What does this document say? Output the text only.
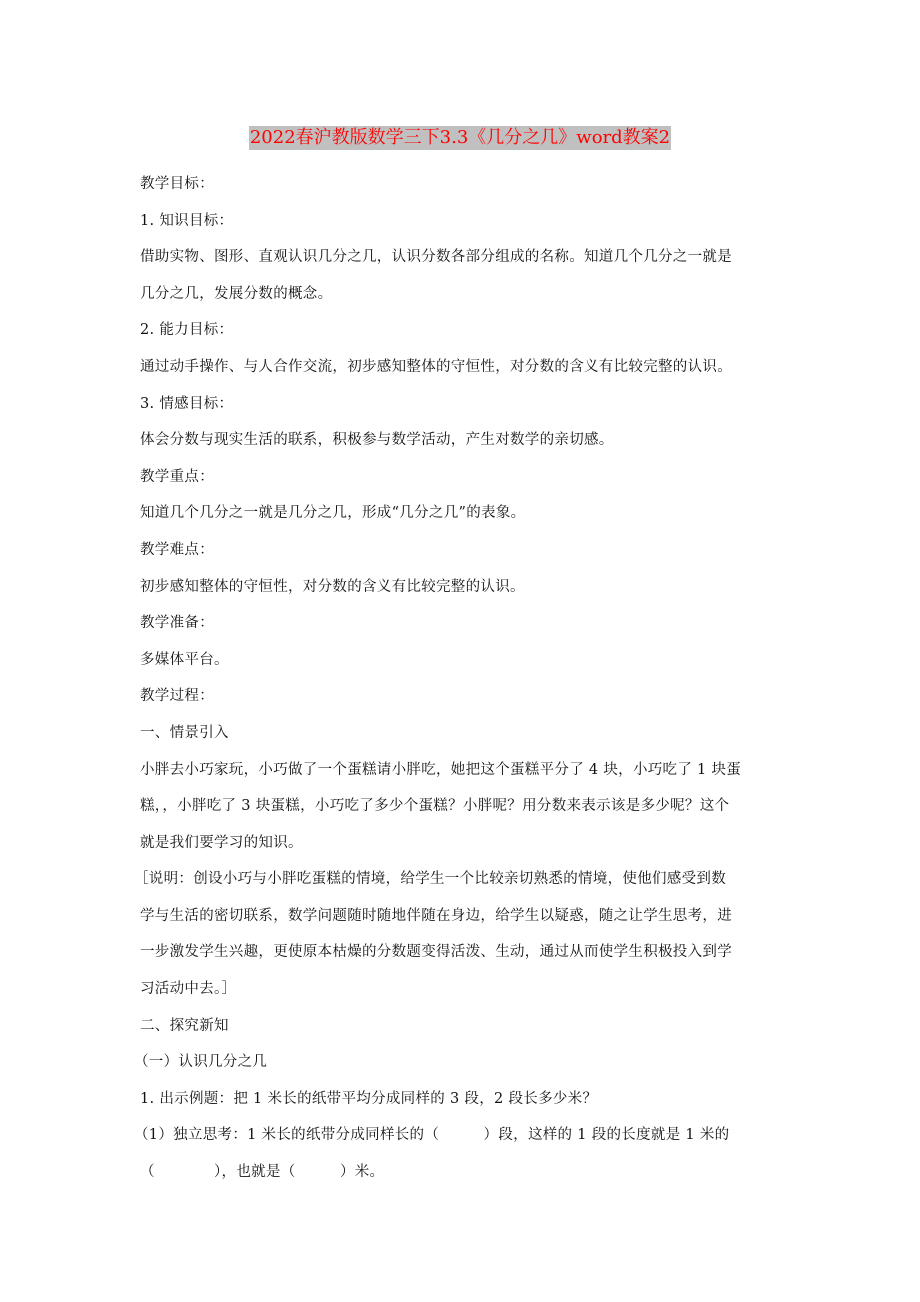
2022春沪教版数学三下3.3《几分之几》word教案2
教学目标：
1. 知识目标：
借助实物、图形、直观认识几分之几，认识分数各部分组成的名称。知道几个几分之一就是
几分之几，发展分数的概念。
2. 能力目标：
通过动手操作、与人合作交流，初步感知整体的守恒性，对分数的含义有比较完整的认识。
3. 情感目标：
体会分数与现实生活的联系，积极参与数学活动，产生对数学的亲切感。
教学重点：
知道几个几分之一就是几分之几，形成“几分之几”的表象。
教学难点：
初步感知整体的守恒性，对分数的含义有比较完整的认识。
教学准备：
多媒体平台。
教学过程：
一、情景引入
小胖去小巧家玩，小巧做了一个蛋糕请小胖吃，她把这个蛋糕平分了 4 块，小巧吃了 1 块蛋
糕，，小胖吃了 3 块蛋糕，小巧吃了多少个蛋糕？小胖呢？用分数来表示该是多少呢？这个
就是我们要学习的知识。
［说明：创设小巧与小胖吃蛋糕的情境，给学生一个比较亲切熟悉的情境，使他们感受到数
学与生活的密切联系，数学问题随时随地伴随在身边，给学生以疑惑，随之让学生思考，进
一步激发学生兴趣，更使原本枯燥的分数题变得活泼、生动，通过从而使学生积极投入到学
习活动中去。］
二、探究新知
（一）认识几分之几
1. 出示例题：把 1 米长的纸带平均分成同样的 3 段，2 段长多少米？
（1）独立思考：1 米长的纸带分成同样长的（　　　）段，这样的 1 段的长度就是 1 米的
（　　　　），也就是（　　　）米。
